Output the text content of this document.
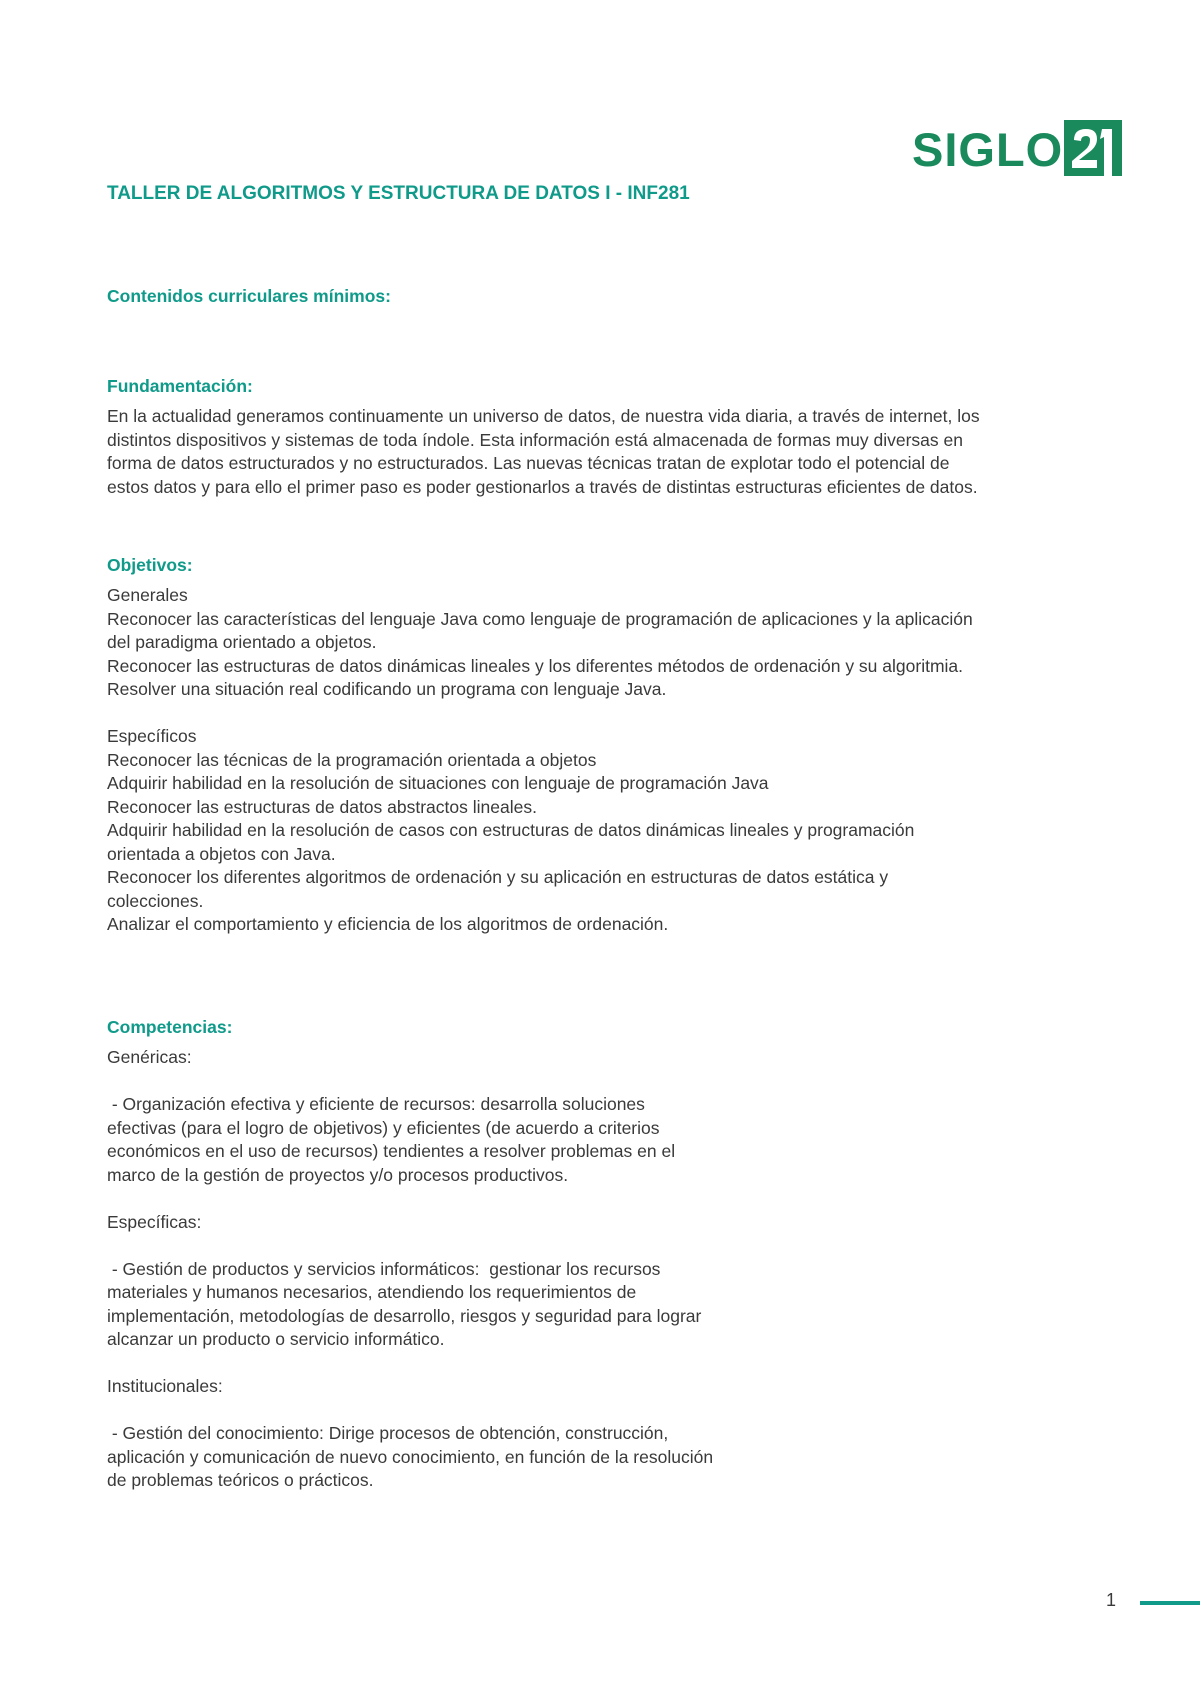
SIGLO
TALLER DE ALGORITMOS Y ESTRUCTURA DE DATOS I - INF281
Contenidos curriculares mínimos:
Fundamentación:

En la actualidad generamos continuamente un universo de datos, de nuestra vida diaria, a través de internet, los

distintos dispositivos y sistemas de toda índole. Esta información está almacenada de formas muy diversas en

forma de datos estructurados y no estructurados. Las nuevas técnicas tratan de explotar todo el potencial de

estos datos y para ello el primer paso es poder gestionarlos a través de distintas estructuras eficientes de datos.

Objetivos:

Generales

Reconocer las características del lenguaje Java como lenguaje de programación de aplicaciones y la aplicación

del paradigma orientado a objetos.

Reconocer las estructuras de datos dinámicas lineales y los diferentes métodos de ordenación y su algoritmia.

Resolver una situación real codificando un programa con lenguaje Java.

Específicos

Reconocer las técnicas de la programación orientada a objetos

Adquirir habilidad en la resolución de situaciones con lenguaje de programación Java

Reconocer las estructuras de datos abstractos lineales.

Adquirir habilidad en la resolución de casos con estructuras de datos dinámicas lineales y programación

orientada a objetos con Java.

Reconocer los diferentes algoritmos de ordenación y su aplicación en estructuras de datos estática y

colecciones.

Analizar el comportamiento y eficiencia de los algoritmos de ordenación.

Competencias:

Genéricas:

- Organización efectiva y eficiente de recursos: desarrolla soluciones

efectivas (para el logro de objetivos) y eficientes (de acuerdo a criterios

económicos en el uso de recursos) tendientes a resolver problemas en el

marco de la gestión de proyectos y/o procesos productivos.

Específicas:

- Gestión de productos y servicios informáticos:  gestionar los recursos

materiales y humanos necesarios, atendiendo los requerimientos de

implementación, metodologías de desarrollo, riesgos y seguridad para lograr

alcanzar un producto o servicio informático.

Institucionales:

- Gestión del conocimiento: Dirige procesos de obtención, construcción,

aplicación y comunicación de nuevo conocimiento, en función de la resolución

de problemas teóricos o prácticos.

1
